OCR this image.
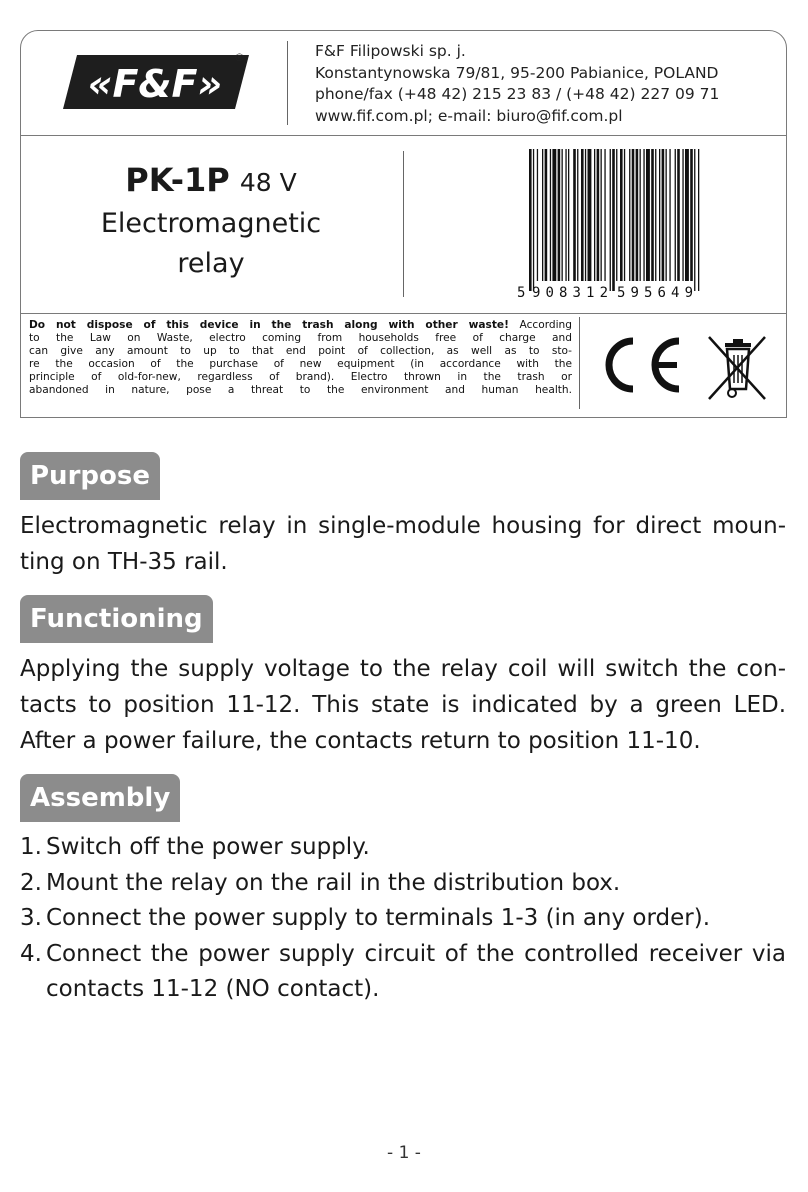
«F&F»
®	F&F Filipowski sp. j.
Konstantynowska 79/81, 95-200 Pabianice, POLAND
phone/fax (+48 42) 215 23 83 / (+48 42) 227 09 71
www.fif.com.pl; e-mail: biuro@fif.com.pl
PK-1P 48 V
Electromagnetic
relay
5 908312 595649
Do not dispose of this device in the trash along with other waste! According
to the Law on Waste, electro coming from households free of charge and
can give any amount to up to that end point of collection, as well as to sto-
re the occasion of the purchase of new equipment (in accordance with the
principle of old-for-new, regardless of brand). Electro thrown in the trash or
abandoned in nature, pose a threat to the environment and human health.
Purpose
Electromagnetic relay in single-module housing for direct moun-
ting on TH-35 rail.
Functioning
Applying the supply voltage to the relay coil will switch the con-
tacts to position 11-12. This state is indicated by a green LED.
After a power failure, the contacts return to position 11-10.
Assembly
1. Switch off the power supply.
2. Mount the relay on the rail in the distribution box.
3. Connect the power supply to terminals 1-3 (in any order).
4. Connect the power supply circuit of the controlled receiver via
contacts 11-12 (NO contact).
- 1 -
